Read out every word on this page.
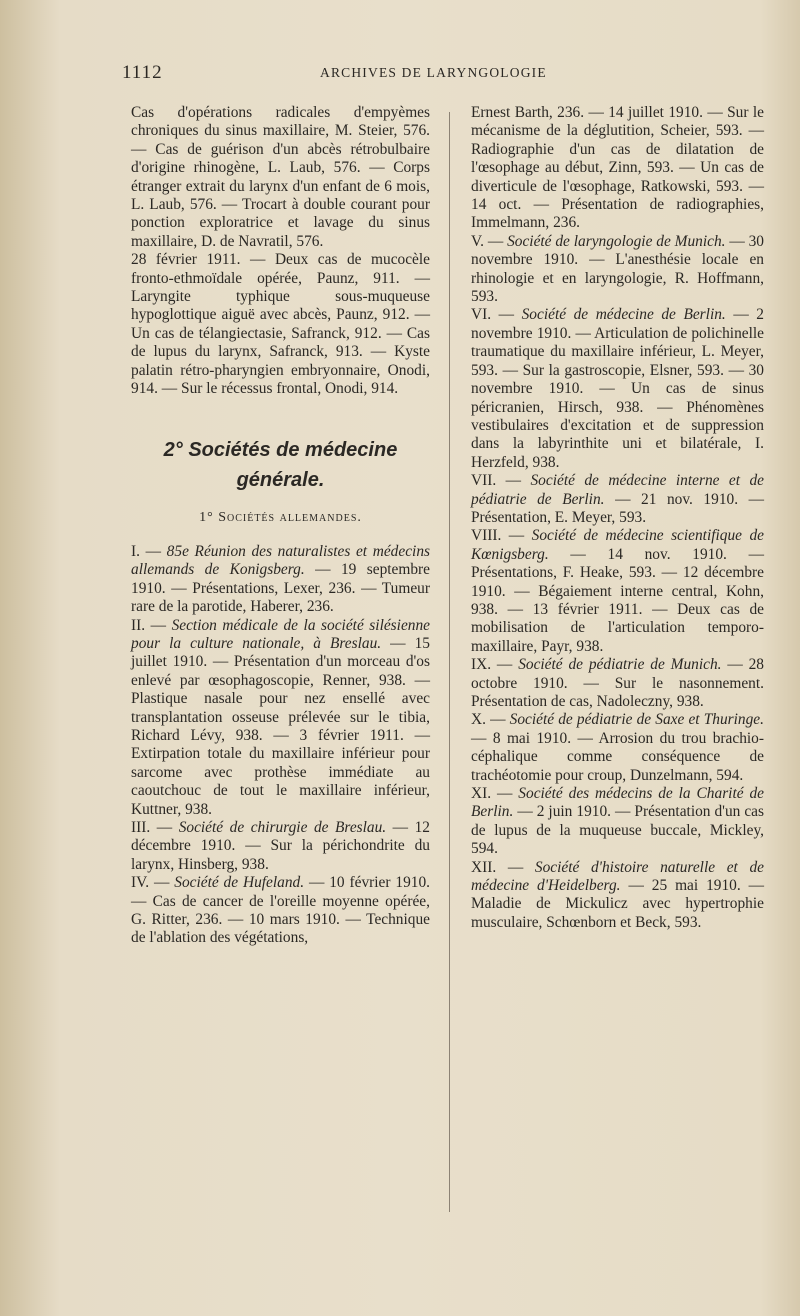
1112	ARCHIVES DE LARYNGOLOGIE

Cas d'opérations radicales d'empyèmes chroniques du sinus maxillaire, M. Steier, 576. — Cas de guérison d'un abcès rétrobulbaire d'origine rhinogène, L. Laub, 576. — Corps étranger extrait du larynx d'un enfant de 6 mois, L. Laub, 576. — Trocart à double courant pour ponction exploratrice et lavage du sinus maxillaire, D. de Navratil, 576.

28 février 1911. — Deux cas de mucocèle fronto-ethmoïdale opérée, Paunz, 911. — Laryngite typhique sous-muqueuse hypoglottique aiguë avec abcès, Paunz, 912. — Un cas de télangiectasie, Safranck, 912. — Cas de lupus du larynx, Safranck, 913. — Kyste palatin rétro-pharyngien embryonnaire, Onodi, 914. — Sur le récessus frontal, Onodi, 914.

2° Sociétés de médecine générale.
1° Sociétés allemandes.

I. — 85e Réunion des naturalistes et médecins allemands de Konigsberg. — 19 septembre 1910. — Présentations, Lexer, 236. — Tumeur rare de la parotide, Haberer, 236.

II. — Section médicale de la société silésienne pour la culture nationale, à Breslau. — 15 juillet 1910. — Présentation d'un morceau d'os enlevé par œsophagoscopie, Renner, 938. — Plastique nasale pour nez ensellé avec transplantation osseuse prélevée sur le tibia, Richard Lévy, 938. — 3 février 1911. — Extirpation totale du maxillaire inférieur pour sarcome avec prothèse immédiate au caoutchouc de tout le maxillaire inférieur, Kuttner, 938.

III. — Société de chirurgie de Breslau. — 12 décembre 1910. — Sur la périchondrite du larynx, Hinsberg, 938.

IV. — Société de Hufeland. — 10 février 1910. — Cas de cancer de l'oreille moyenne opérée, G. Ritter, 236. — 10 mars 1910. — Technique de l'ablation des végétations,

Ernest Barth, 236. — 14 juillet 1910. — Sur le mécanisme de la déglutition, Scheier, 593. — Radiographie d'un cas de dilatation de l'œsophage au début, Zinn, 593. — Un cas de diverticule de l'œsophage, Ratkowski, 593. — 14 oct. — Présentation de radiographies, Immelmann, 236.

V. — Société de laryngologie de Munich. — 30 novembre 1910. — L'anesthésie locale en rhinologie et en laryngologie, R. Hoffmann, 593.

VI. — Société de médecine de Berlin. — 2 novembre 1910. — Articulation de polichinelle traumatique du maxillaire inférieur, L. Meyer, 593. — Sur la gastroscopie, Elsner, 593. — 30 novembre 1910. — Un cas de sinus péricranien, Hirsch, 938. — Phénomènes vestibulaires d'excitation et de suppression dans la labyrinthite uni et bilatérale, I. Herzfeld, 938.

VII. — Société de médecine interne et de pédiatrie de Berlin. — 21 nov. 1910. — Présentation, E. Meyer, 593.

VIII. — Société de médecine scientifique de Kœnigsberg. — 14 nov. 1910. — Présentations, F. Heake, 593. — 12 décembre 1910. — Bégaiement interne central, Kohn, 938. — 13 février 1911. — Deux cas de mobilisation de l'articulation temporo-maxillaire, Payr, 938.

IX. — Société de pédiatrie de Munich. — 28 octobre 1910. — Sur le nasonnement. Présentation de cas, Nadoleczny, 938.

X. — Société de pédiatrie de Saxe et Thuringe. — 8 mai 1910. — Arrosion du trou brachio-céphalique comme conséquence de trachéotomie pour croup, Dunzelmann, 594.

XI. — Société des médecins de la Charité de Berlin. — 2 juin 1910. — Présentation d'un cas de lupus de la muqueuse buccale, Mickley, 594.

XII. — Société d'histoire naturelle et de médecine d'Heidelberg. — 25 mai 1910. — Maladie de Mickulicz avec hypertrophie musculaire, Schœnborn et Beck, 593.
